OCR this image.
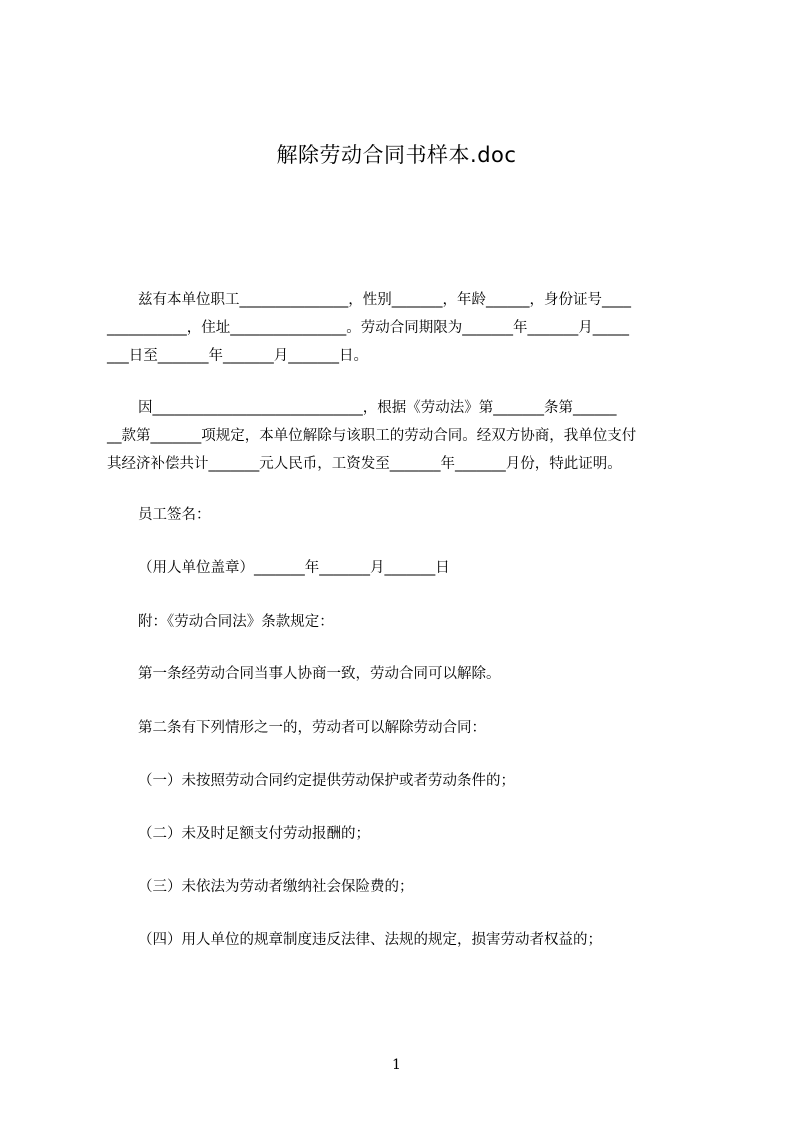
解除劳动合同书样本.doc
兹有本单位职工_______________，性别_______，年龄______，身份证号____
___________，住址________________。劳动合同期限为_______年_______月_____
___日至_______年_______月_______日。
因_____________________________，根据《劳动法》第_______条第______
__款第_______项规定，本单位解除与该职工的劳动合同。经双方协商，我单位支付
其经济补偿共计_______元人民币，工资发至_______年_______月份，特此证明。
员工签名：
（用人单位盖章）_______年_______月_______日
附：《劳动合同法》条款规定：
第一条经劳动合同当事人协商一致，劳动合同可以解除。
第二条有下列情形之一的，劳动者可以解除劳动合同：
（一）未按照劳动合同约定提供劳动保护或者劳动条件的；
（二）未及时足额支付劳动报酬的；
（三）未依法为劳动者缴纳社会保险费的；
（四）用人单位的规章制度违反法律、法规的规定，损害劳动者权益的；
1
